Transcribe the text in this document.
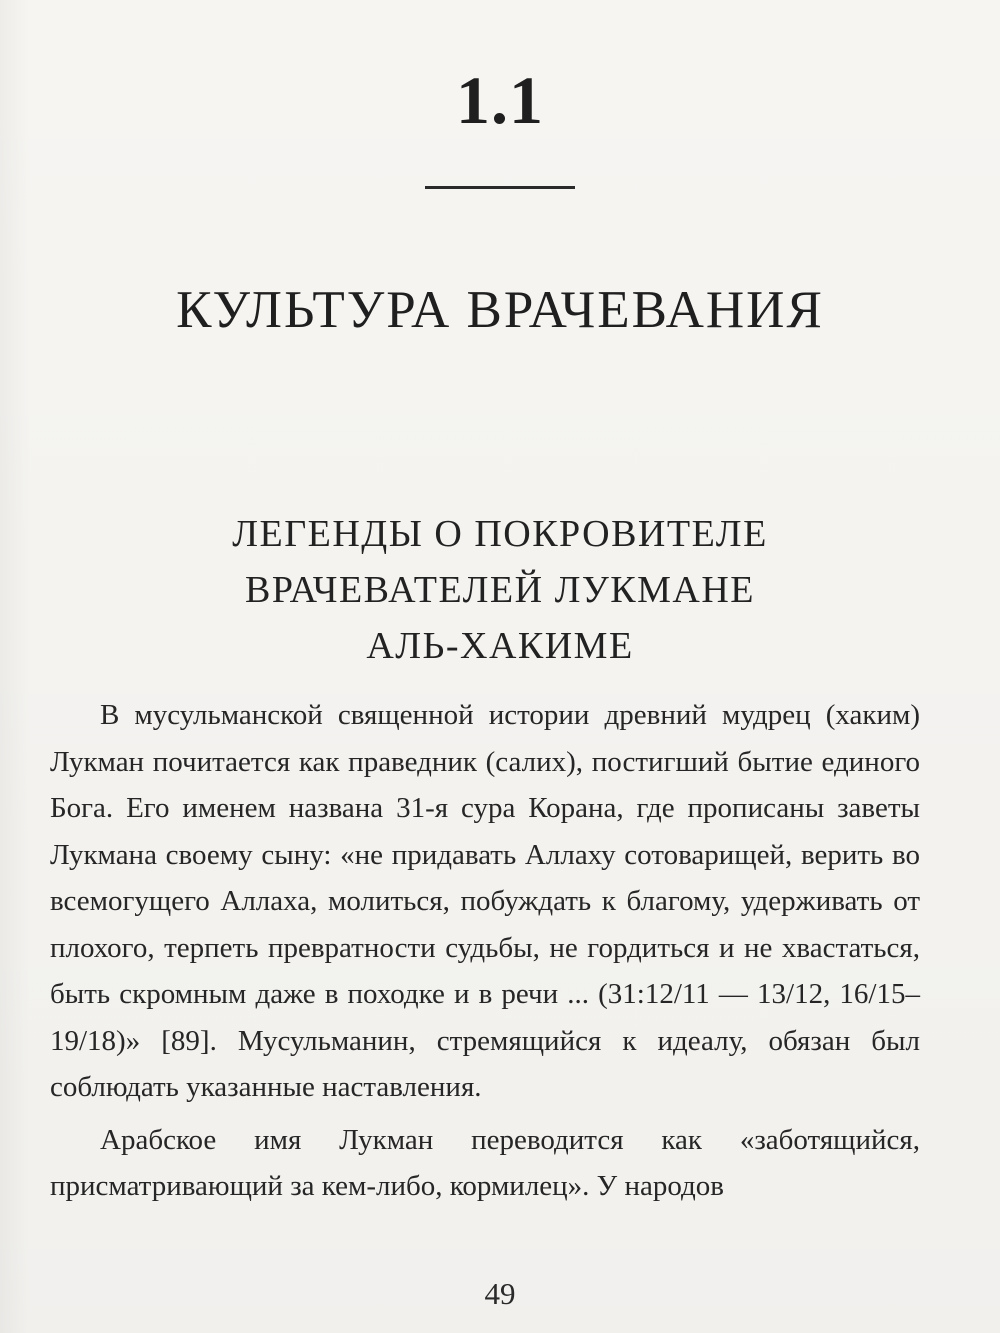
1.1
КУЛЬТУРА ВРАЧЕВАНИЯ
ЛЕГЕНДЫ О ПОКРОВИТЕЛЕ
ВРАЧЕВАТЕЛЕЙ ЛУКМАНЕ
АЛЬ-ХАКИМЕ

В мусульманской священной истории древний мудрец (хаким) Лукман почитается как праведник (салих), постигший бытие единого Бога. Его именем названа 31-я сура Корана, где прописаны заветы Лукмана своему сыну: «не придавать Аллаху сотоварищей, верить во всемогущего Аллаха, молиться, побуждать к благому, удерживать от плохого, терпеть превратности судьбы, не гордиться и не хвастаться, быть скромным даже в походке и в речи ... (31:12/11 — 13/12, 16/15–19/18)» [89]. Мусульманин, стремящийся к идеалу, обязан был соблюдать указанные наставления.

Арабское имя Лукман переводится как «заботящийся, присматривающий за кем-либо, кормилец». У народов

49
